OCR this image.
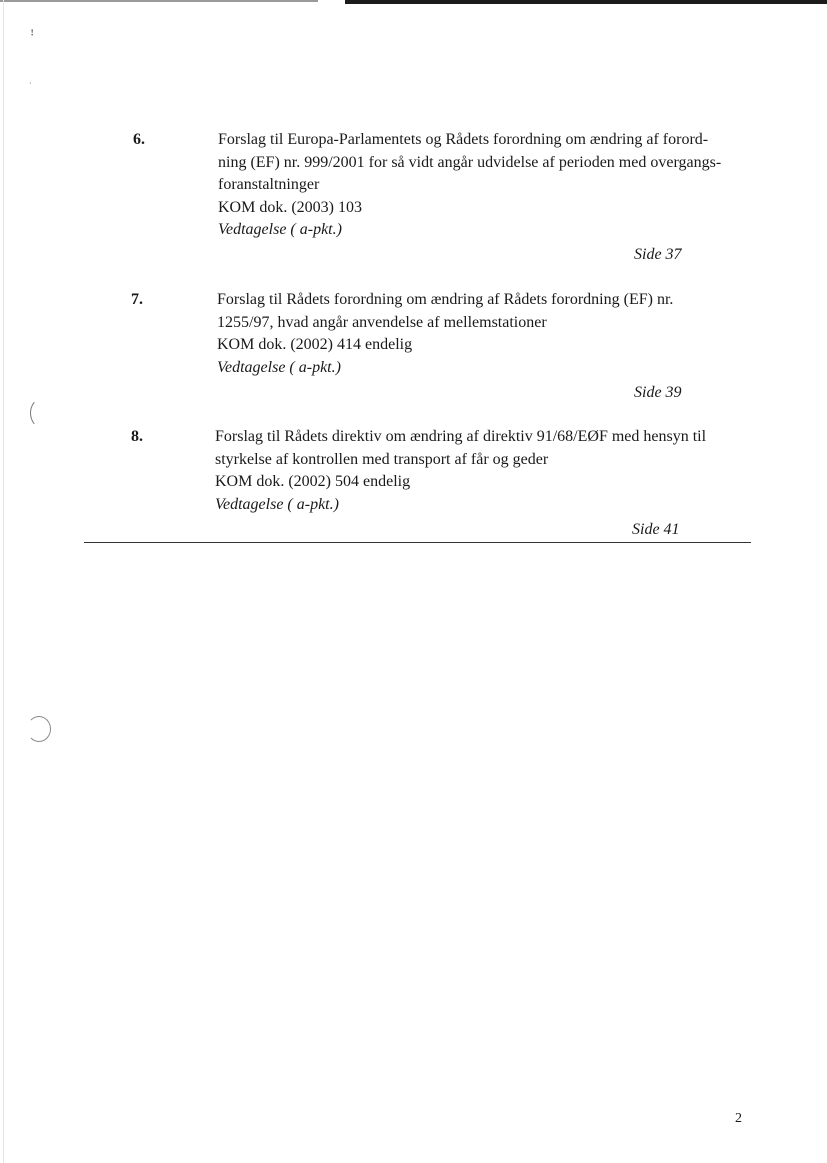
ꜝ
·
6.	Forslag til Europa-Parlamentets og Rådets forordning om ændring af forord-
ning (EF) nr. 999/2001 for så vidt angår udvidelse af perioden med overgangs-
foranstaltninger
KOM dok. (2003) 103
Vedtagelse ( a-pkt.)
Side 37
7.	Forslag til Rådets forordning om ændring af Rådets forordning (EF) nr.
1255/97, hvad angår anvendelse af mellemstationer
KOM dok. (2002) 414 endelig
Vedtagelse ( a-pkt.)
Side 39
8.	Forslag til Rådets direktiv om ændring af direktiv 91/68/EØF med hensyn til
styrkelse af kontrollen med transport af får og geder
KOM dok. (2002) 504 endelig
Vedtagelse ( a-pkt.)
Side 41
2
